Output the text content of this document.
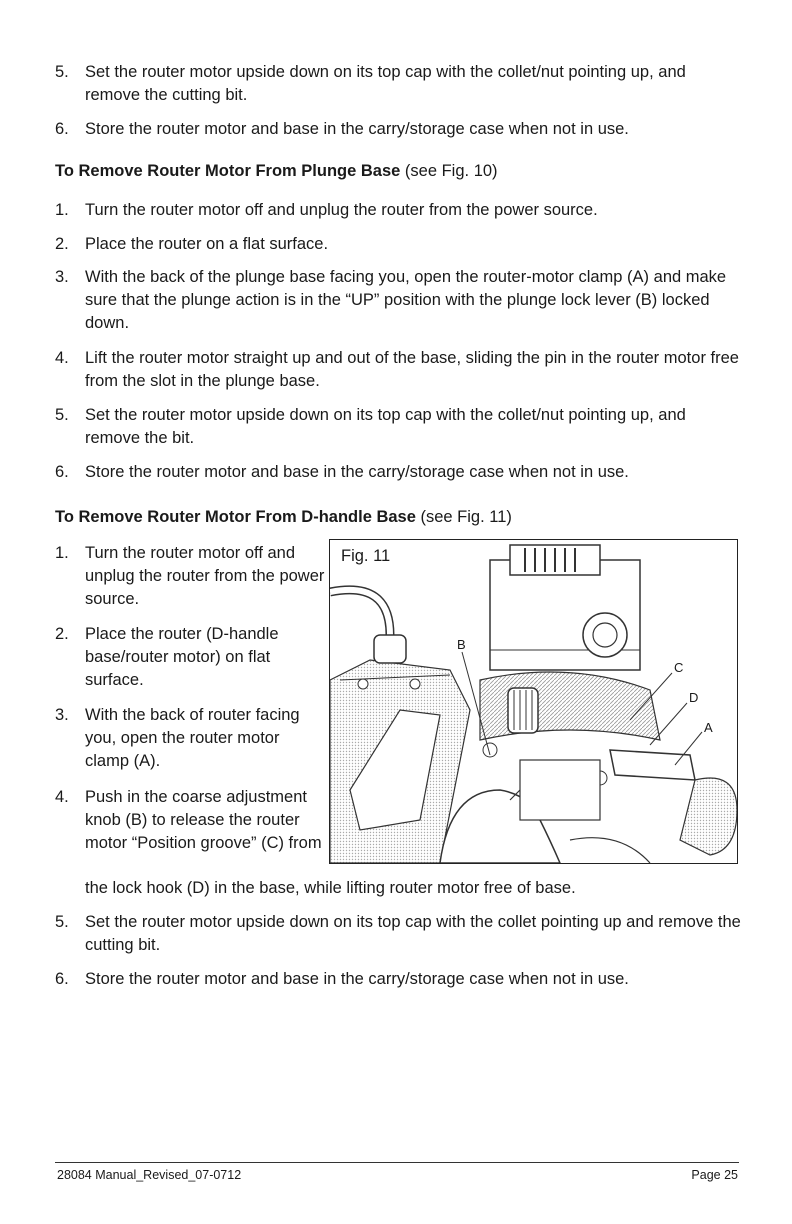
5. Set the router motor upside down on its top cap with the collet/nut pointing up, and remove the cutting bit.
6. Store the router motor and base in the carry/storage case when not in use.
To Remove Router Motor From Plunge Base (see Fig. 10)
1. Turn the router motor off and unplug the router from the power source.
2. Place the router on a flat surface.
3. With the back of the plunge base facing you, open the router-motor clamp (A) and make sure that the plunge action is in the “UP” position with the plunge lock lever (B) locked down.
4. Lift the router motor straight up and out of the base, sliding the pin in the router motor free from the slot in the plunge base.
5. Set the router motor upside down on its top cap with the collet/nut pointing up, and remove the bit.
6. Store the router motor and base in the carry/storage case when not in use.
To Remove Router Motor From D-handle Base (see Fig. 11)
1. Turn the router motor off and unplug the router from the power source.
2. Place the router (D-handle base/router motor) on flat surface.
3. With the back of router facing you, open the router motor clamp (A).
4. Push in the coarse adjustment knob (B) to release the router motor “Position groove” (C) from
the lock hook (D) in the base, while lifting router motor free of base.
5. Set the router motor upside down on its top cap with the collet pointing up and remove the cutting bit.
6. Store the router motor and base in the carry/storage case when not in use.
Fig. 11
B
C
D
A
28084 Manual_Revised_07-0712	Page 25
